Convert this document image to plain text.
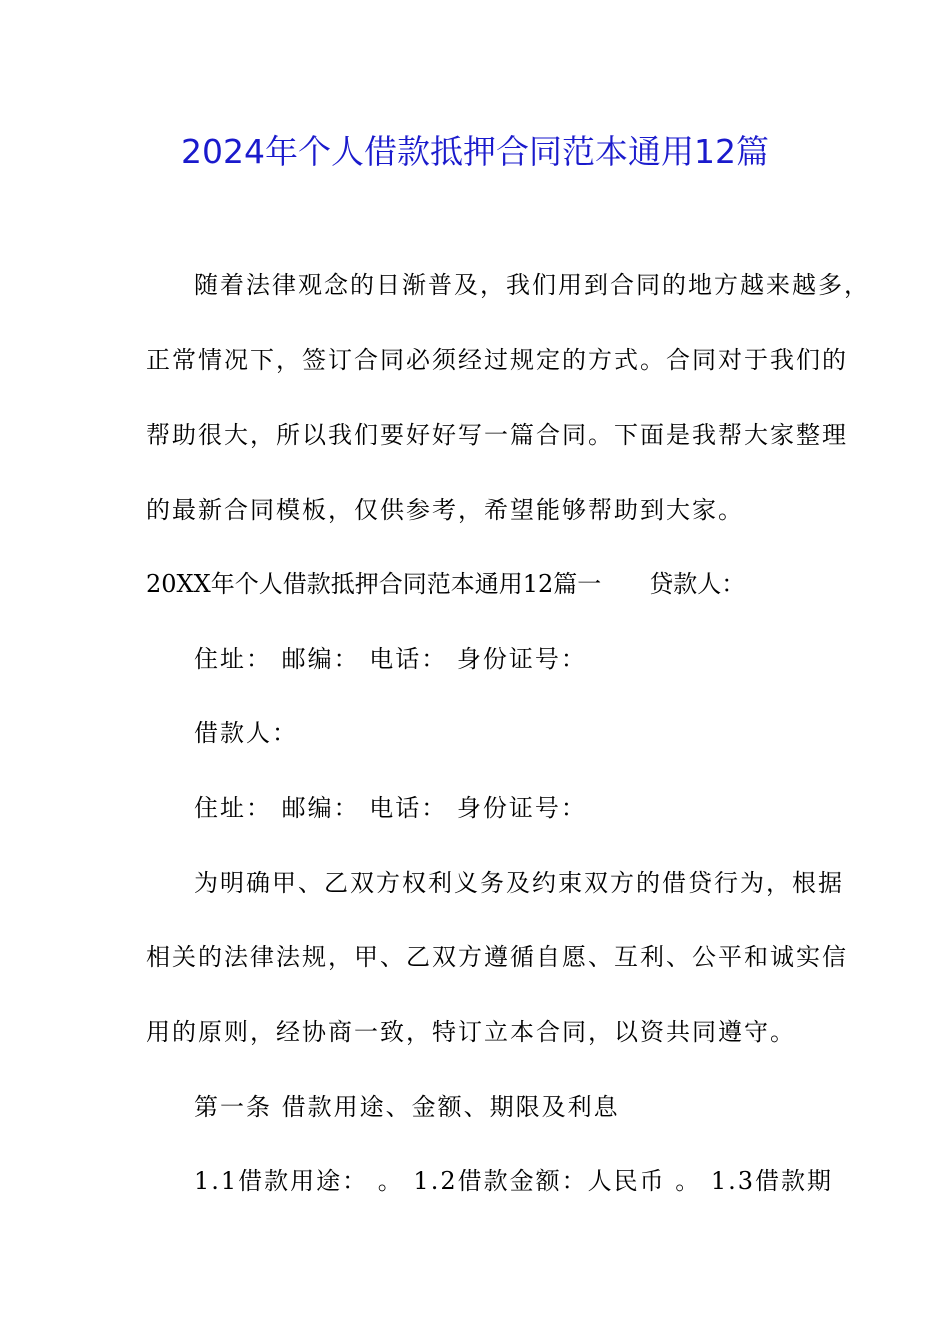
2024年个人借款抵押合同范本通用12篇
随着法律观念的日渐普及，我们用到合同的地方越来越多，
正常情况下，签订合同必须经过规定的方式。合同对于我们的
帮助很大，所以我们要好好写一篇合同。下面是我帮大家整理
的最新合同模板，仅供参考，希望能够帮助到大家。
20XX年个人借款抵押合同范本通用12篇一　　贷款人：
住址： 邮编： 电话： 身份证号：
借款人：
住址： 邮编： 电话： 身份证号：
为明确甲、乙双方权利义务及约束双方的借贷行为，根据
相关的法律法规，甲、乙双方遵循自愿、互利、公平和诚实信
用的原则，经协商一致，特订立本合同，以资共同遵守。
第一条 借款用途、金额、期限及利息
1.1借款用途： 。 1.2借款金额：人民币 。 1.3借款期
